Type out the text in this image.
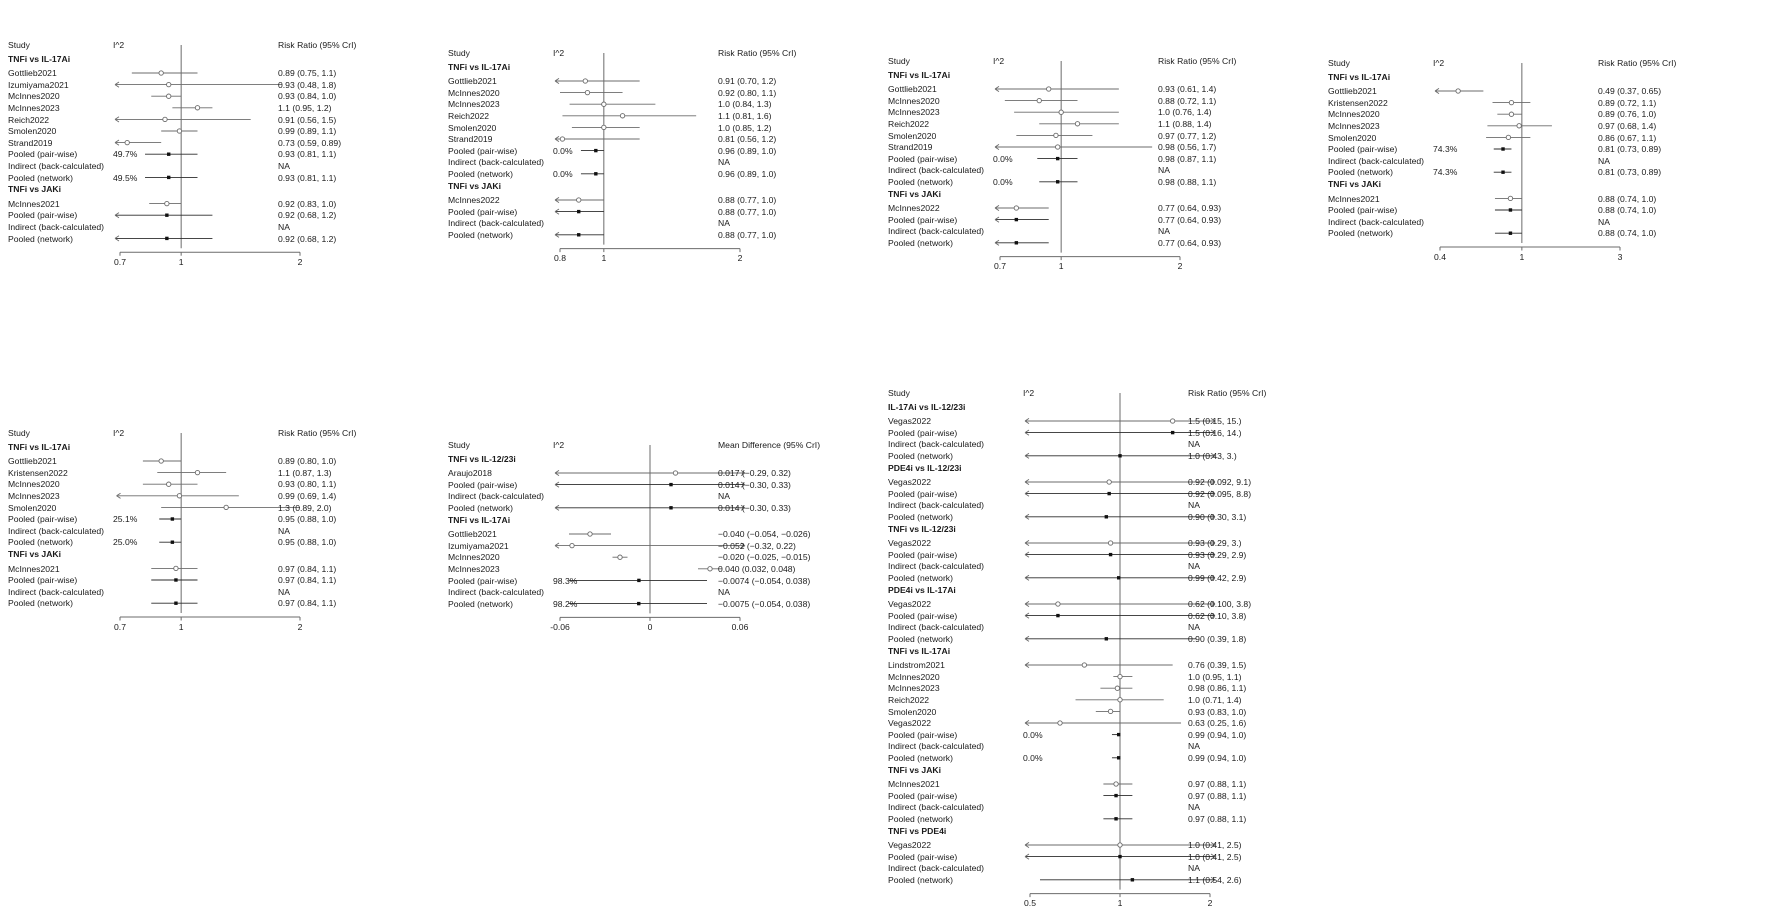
Study	I^2	Risk Ratio (95% CrI)
TNFi vs IL-17Ai
Gottlieb2021	0.89 (0.75, 1.1)
Izumiyama2021	0.93 (0.48, 1.8)
McInnes2020	0.93 (0.84, 1.0)
McInnes2023	1.1 (0.95, 1.2)
Reich2022	0.91 (0.56, 1.5)
Smolen2020	0.99 (0.89, 1.1)
Strand2019	0.73 (0.59, 0.89)
Pooled (pair-wise)	49.7%	0.93 (0.81, 1.1)
Indirect (back-calculated)	NA
Pooled (network)	49.5%	0.93 (0.81, 1.1)
TNFi vs JAKi
McInnes2021	0.92 (0.83, 1.0)
Pooled (pair-wise)	0.92 (0.68, 1.2)
Indirect (back-calculated)	NA
Pooled (network)	0.92 (0.68, 1.2)
0.7	1	2
Study	I^2	Risk Ratio (95% CrI)
TNFi vs IL-17Ai
Gottlieb2021	0.91 (0.70, 1.2)
McInnes2020	0.92 (0.80, 1.1)
McInnes2023	1.0 (0.84, 1.3)
Reich2022	1.1 (0.81, 1.6)
Smolen2020	1.0 (0.85, 1.2)
Strand2019	0.81 (0.56, 1.2)
Pooled (pair-wise)	0.0%	0.96 (0.89, 1.0)
Indirect (back-calculated)	NA
Pooled (network)	0.0%	0.96 (0.89, 1.0)
TNFi vs JAKi
McInnes2022	0.88 (0.77, 1.0)
Pooled (pair-wise)	0.88 (0.77, 1.0)
Indirect (back-calculated)	NA
Pooled (network)	0.88 (0.77, 1.0)
0.8	1	2
Study	I^2	Risk Ratio (95% CrI)
TNFi vs IL-17Ai
Gottlieb2021	0.93 (0.61, 1.4)
McInnes2020	0.88 (0.72, 1.1)
McInnes2023	1.0 (0.76, 1.4)
Reich2022	1.1 (0.88, 1.4)
Smolen2020	0.97 (0.77, 1.2)
Strand2019	0.98 (0.56, 1.7)
Pooled (pair-wise)	0.0%	0.98 (0.87, 1.1)
Indirect (back-calculated)	NA
Pooled (network)	0.0%	0.98 (0.88, 1.1)
TNFi vs JAKi
McInnes2022	0.77 (0.64, 0.93)
Pooled (pair-wise)	0.77 (0.64, 0.93)
Indirect (back-calculated)	NA
Pooled (network)	0.77 (0.64, 0.93)
0.7	1	2
Study	I^2	Risk Ratio (95% CrI)
TNFi vs IL-17Ai
Gottlieb2021	0.49 (0.37, 0.65)
Kristensen2022	0.89 (0.72, 1.1)
McInnes2020	0.89 (0.76, 1.0)
McInnes2023	0.97 (0.68, 1.4)
Smolen2020	0.86 (0.67, 1.1)
Pooled (pair-wise)	74.3%	0.81 (0.73, 0.89)
Indirect (back-calculated)	NA
Pooled (network)	74.3%	0.81 (0.73, 0.89)
TNFi vs JAKi
McInnes2021	0.88 (0.74, 1.0)
Pooled (pair-wise)	0.88 (0.74, 1.0)
Indirect (back-calculated)	NA
Pooled (network)	0.88 (0.74, 1.0)
0.4	1	3
Study	I^2	Risk Ratio (95% CrI)
TNFi vs IL-17Ai
Gottlieb2021	0.89 (0.80, 1.0)
Kristensen2022	1.1 (0.87, 1.3)
McInnes2020	0.93 (0.80, 1.1)
McInnes2023	0.99 (0.69, 1.4)
Smolen2020	1.3 (0.89, 2.0)
Pooled (pair-wise)	25.1%	0.95 (0.88, 1.0)
Indirect (back-calculated)	NA
Pooled (network)	25.0%	0.95 (0.88, 1.0)
TNFi vs JAKi
McInnes2021	0.97 (0.84, 1.1)
Pooled (pair-wise)	0.97 (0.84, 1.1)
Indirect (back-calculated)	NA
Pooled (network)	0.97 (0.84, 1.1)
0.7	1	2
Study	I^2	Mean Difference (95% CrI)
TNFi vs IL-12/23i
Araujo2018	0.017 (−0.29, 0.32)
Pooled (pair-wise)	0.014 (−0.30, 0.33)
Indirect (back-calculated)	NA
Pooled (network)	0.014 (−0.30, 0.33)
TNFi vs IL-17Ai
Gottlieb2021	−0.040 (−0.054, −0.026)
Izumiyama2021	−0.052 (−0.32, 0.22)
McInnes2020	−0.020 (−0.025, −0.015)
McInnes2023	0.040 (0.032, 0.048)
Pooled (pair-wise)	98.3%	−0.0074 (−0.054, 0.038)
Indirect (back-calculated)	NA
Pooled (network)	98.2%	−0.0075 (−0.054, 0.038)
-0.06	0	0.06
Study	I^2	Risk Ratio (95% CrI)
IL-17Ai vs IL-12/23i
Vegas2022	1.5 (0.15, 15.)
Pooled (pair-wise)	1.5 (0.16, 14.)
Indirect (back-calculated)	NA
Pooled (network)	1.0 (0.43, 3.)
PDE4i vs IL-12/23i
Vegas2022	0.92 (0.092, 9.1)
Pooled (pair-wise)	0.92 (0.095, 8.8)
Indirect (back-calculated)	NA
Pooled (network)	0.90 (0.30, 3.1)
TNFi vs IL-12/23i
Vegas2022	0.93 (0.29, 3.)
Pooled (pair-wise)	0.93 (0.29, 2.9)
Indirect (back-calculated)	NA
Pooled (network)	0.99 (0.42, 2.9)
PDE4i vs IL-17Ai
Vegas2022	0.62 (0.100, 3.8)
Pooled (pair-wise)	0.62 (0.10, 3.8)
Indirect (back-calculated)	NA
Pooled (network)	0.90 (0.39, 1.8)
TNFi vs IL-17Ai
Lindstrom2021	0.76 (0.39, 1.5)
McInnes2020	1.0 (0.95, 1.1)
McInnes2023	0.98 (0.86, 1.1)
Reich2022	1.0 (0.71, 1.4)
Smolen2020	0.93 (0.83, 1.0)
Vegas2022	0.63 (0.25, 1.6)
Pooled (pair-wise)	0.0%	0.99 (0.94, 1.0)
Indirect (back-calculated)	NA
Pooled (network)	0.0%	0.99 (0.94, 1.0)
TNFi vs JAKi
McInnes2021	0.97 (0.88, 1.1)
Pooled (pair-wise)	0.97 (0.88, 1.1)
Indirect (back-calculated)	NA
Pooled (network)	0.97 (0.88, 1.1)
TNFi vs PDE4i
Vegas2022	1.0 (0.41, 2.5)
Pooled (pair-wise)	1.0 (0.41, 2.5)
Indirect (back-calculated)	NA
Pooled (network)	1.1 (0.54, 2.6)
0.5	1	2
